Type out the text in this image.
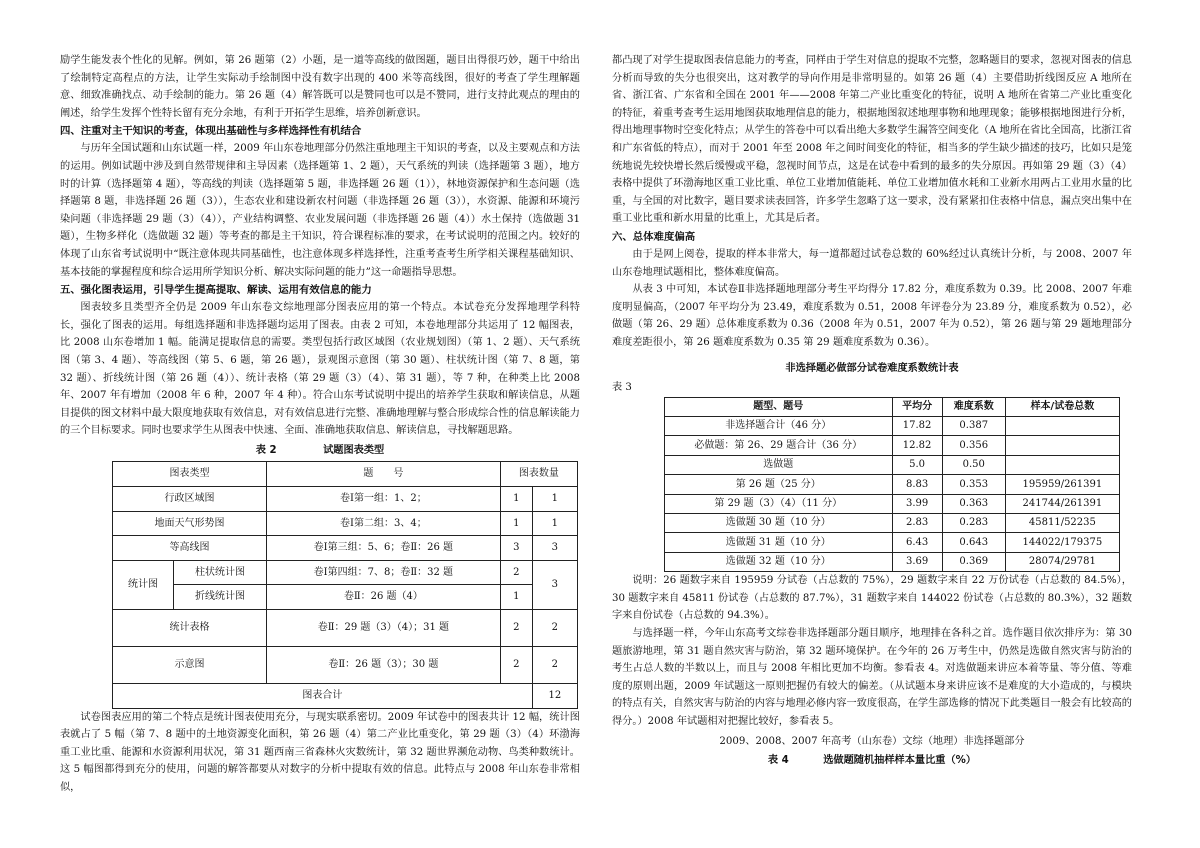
励学生能发表个性化的见解。例如，第 26 题第（2）小题，是一道等高线的做图题，题目出得很巧妙，题干中给出了绘制特定高程点的方法，让学生实际动手绘制图中没有数字出现的 400 米等高线图，很好的考查了学生理解题意、细致准确找点、动手绘制的能力。第 26 题（4）解答既可以是赞同也可以是不赞同，进行支持此观点的理由的阐述，给学生发挥个性特长留有充分余地，有利于开拓学生思维，培养创新意识。

四、注重对主干知识的考查，体现出基础性与多样选择性有机结合

与历年全国试题和山东试题一样，2009 年山东卷地理部分仍然注重地理主干知识的考查，以及主要观点和方法的运用。例如试题中涉及到自然带规律和主导因素（选择题第 1、2 题），天气系统的判读（选择题第 3 题），地方时的计算（选择题第 4 题），等高线的判读（选择题第 5 题，非选择题 26 题（1）），林地资源保护和生态问题（选择题第 8 题，非选择题 26 题（3）），生态农业和建设新农村问题（非选择题 26 题（3）），水资源、能源和环境污染问题（非选择题 29 题（3）（4）），产业结构调整、农业发展问题（非选择题 26 题（4））水土保持（选做题 31 题），生物多样化（选做题 32 题）等考查的都是主干知识，符合课程标准的要求，在考试说明的范围之内。较好的体现了山东省考试说明中“既注意体现共同基础性，也注意体现多样选择性，注重考查考生所学相关课程基础知识、基本技能的掌握程度和综合运用所学知识分析、解决实际问题的能力”这一命题指导思想。

五、强化图表运用，引导学生提高提取、解读、运用有效信息的能力

图表较多且类型齐全仍是 2009 年山东卷文综地理部分图表应用的第一个特点。本试卷充分发挥地理学科特长，强化了图表的运用。每组选择题和非选择题均运用了图表。由表 2 可知，本卷地理部分共运用了 12 幅图表，比 2008 山东卷增加 1 幅。能满足提取信息的需要。类型包括行政区域图（农业规划图）（第 1、2 题）、天气系统图（第 3、4 题）、等高线图（第 5、6 题，第 26 题），景观图示意图（第 30 题）、柱状统计图（第 7、8 题，第 32 题）、折线统计图（第 26 题（4））、统计表格（第 29 题（3）（4）、第 31 题），等 7 种，在种类上比 2008 年、2007 年有增加（2008 年 6 种，2007 年 4 种）。符合山东考试说明中提出的培养学生获取和解读信息，从题目提供的图文材料中最大限度地获取有效信息，对有效信息进行完整、准确地理解与整合形成综合性的信息解读能力的三个目标要求。同时也要求学生从图表中快速、全面、准确地获取信息、解读信息，寻找解题思路。

表 2	试题图表类型
图表类型		题　　号	图表数量	
行政区域图		卷Ⅰ第一组：1、2；	1	1
地面天气形势图		卷Ⅰ第二组：3、4；	1	1
等高线图		卷Ⅰ第三组：5、6；卷Ⅱ：26 题	3	3
统计图	柱状统计图	卷Ⅰ第四组：7、8；卷Ⅱ：32 题	2	3
	折线统计图	卷Ⅱ：26 题（4）	1	
统计表格		卷Ⅱ：29 题（3）（4）；31 题	2	2
示意图		卷Ⅱ：26 题（3）；30 题	2	2
图表合计				12

试卷图表应用的第二个特点是统计图表使用充分，与现实联系密切。2009 年试卷中的图表共计 12 幅，统计图表就占了 5 幅（第 7、8 题中的土地资源变化面积，第 26 题（4）第二产业比重变化，第 29 题（3）（4）环渤海重工业比重、能源和水资源利用状况，第 31 题西南三省森林火灾数统计，第 32 题世界濒危动物、鸟类种数统计。这 5 幅图都得到充分的使用，问题的解答都要从对数字的分析中提取有效的信息。此特点与 2008 年山东卷非常相似，

都凸现了对学生提取图表信息能力的考查，同样由于学生对信息的提取不完整，忽略题目的要求，忽视对图表的信息分析而导致的失分也很突出，这对教学的导向作用是非常明显的。如第 26 题（4）主要借助折线图反应 A 地所在省、浙江省、广东省和全国在 2001 年——2008 年第二产业比重变化的特征，说明 A 地所在省第二产业比重变化的特征，着重考查考生运用地图获取地理信息的能力，根据地图叙述地理事物和地理现象；能够根据地图进行分析，得出地理事物时空变化特点；从学生的答卷中可以看出绝大多数学生漏答空间变化（A 地所在省比全国高，比浙江省和广东省低的特点），而对于 2001 年至 2008 年之间时间变化的特征，相当多的学生缺少描述的技巧，比如只是笼统地说先较快增长然后缓慢或平稳，忽视时间节点，这是在试卷中看到的最多的失分原因。再如第 29 题（3）（4）表格中提供了环渤海地区重工业比重、单位工业增加值能耗、单位工业增加值水耗和工业新水用两占工业用水量的比重，与全国的对比数字，题目要求读表回答，许多学生忽略了这一要求，没有紧紧扣住表格中信息，漏点突出集中在重工业比重和新水用量的比重上，尤其是后者。

六、总体难度偏高

由于是网上阅卷，提取的样本非常大，每一道都超过试卷总数的 60%经过认真统计分析，与 2008、2007 年山东卷地理试题相比，整体难度偏高。

从表 3 中可知，本试卷Ⅱ非选择题地理部分考生平均得分 17.82 分，难度系数为 0.39。比 2008、2007 年难度明显偏高，（2007 年平均分为 23.49，难度系数为 0.51，2008 年评卷分为 23.89 分，难度系数为 0.52），必做题（第 26、29 题）总体难度系数为 0.36（2008 年为 0.51，2007 年为 0.52），第 26 题与第 29 题地理部分难度差距很小，第 26 题难度系数为 0.35 第 29 题难度系数为 0.36）。

非选择题必做部分试卷难度系数统计表
表 3
题型、题号	平均分	难度系数	样本/试卷总数
非选择题合计（46 分）	17.82	0.387	
必做题：第 26、29 题合计（36 分）	12.82	0.356	
选做题	5.0	0.50	
第 26 题（25 分）	8.83	0.353	195959/261391
第 29 题（3）（4）（11 分）	3.99	0.363	241744/261391
选做题 30 题（10 分）	2.83	0.283	45811/52235
选做题 31 题（10 分）	6.43	0.643	144022/179375
选做题 32 题（10 分）	3.69	0.369	28074/29781

说明：26 题数字来自 195959 分试卷（占总数的 75%），29 题数字来自 22 万份试卷（占总数的 84.5%），30 题数字来自 45811 份试卷（占总数的 87.7%），31 题数字来自 144022 份试卷（占总数的 80.3%），32 题数字来自份试卷（占总数的 94.3%）。

与选择题一样，今年山东高考文综卷非选择题部分题目顺序，地理排在各科之首。选作题目依次排序为：第 30 题旅游地理，第 31 题自然灾害与防治，第 32 题环境保护。在今年的 26 万考生中，仍然是选做自然灾害与防治的考生占总人数的半数以上，而且与 2008 年相比更加不均衡。参看表 4。对选做题来讲应本着等量、等分值、等难度的原则出题，2009 年试题这一原则把握仍有较大的偏差。（从试题本身来讲应该不是难度的大小造成的，与模块的特点有关，自然灾害与防治的内容与地理必修内容一致度很高，在学生部选修的情况下此类题目一般会有比较高的得分。）2008 年试题相对把握比较好，参看表 5。

2009、2008、2007 年高考（山东卷）文综（地理）非选择题部分
表 4	选做题随机抽样样本量比重（%）
